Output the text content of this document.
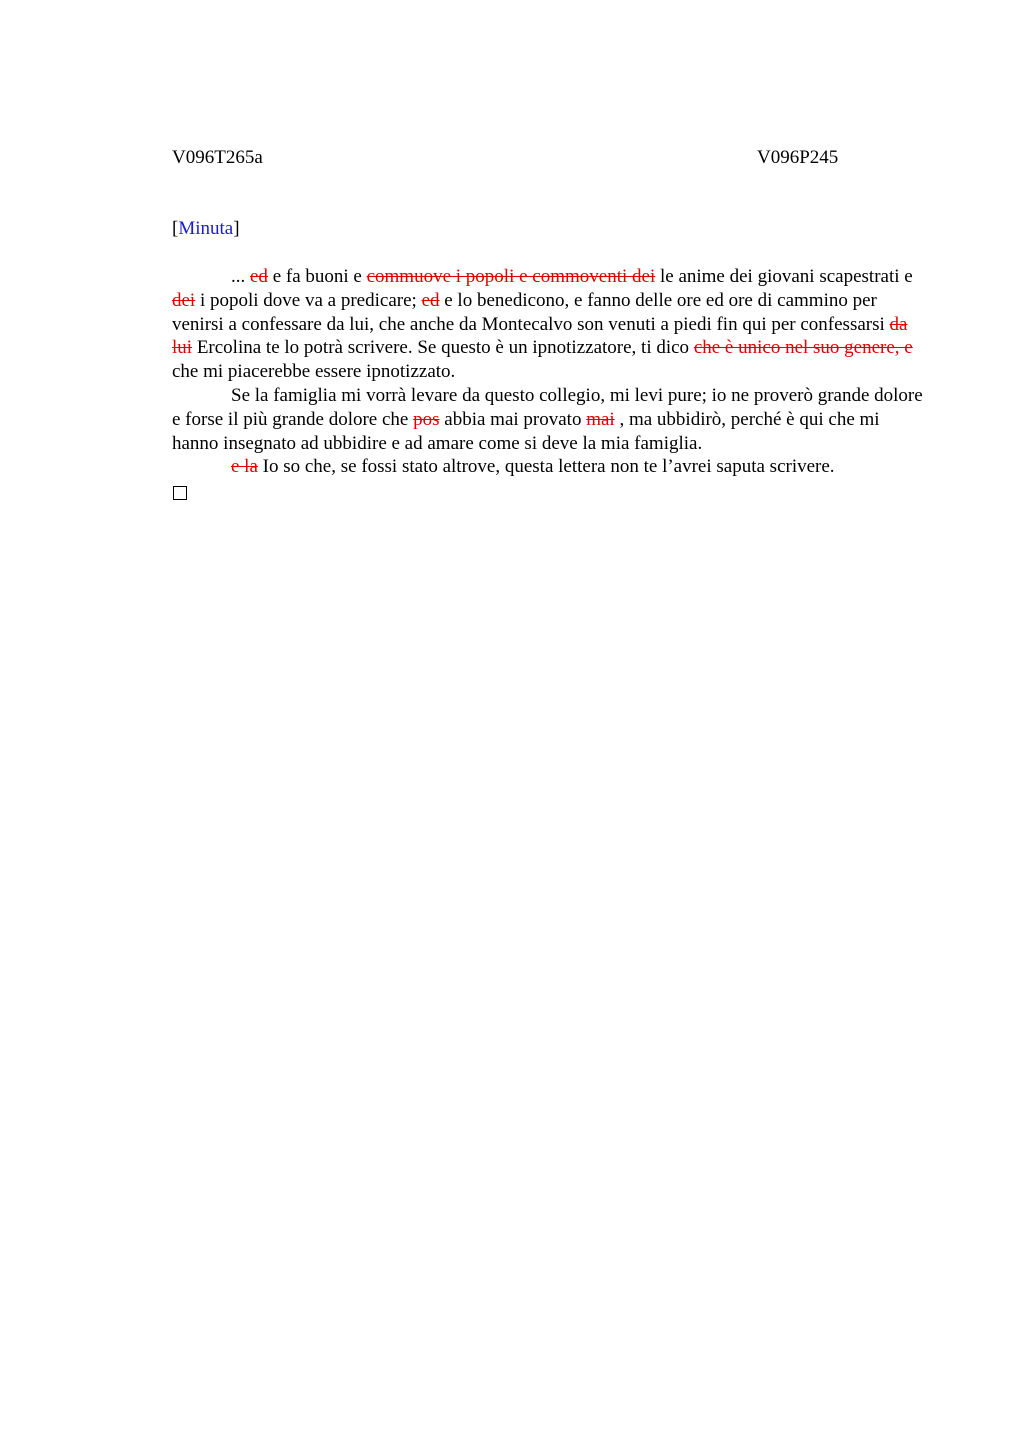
V096T265a	V096P245
[Minuta]

... ed e fa buoni e commuove i popoli e commoventi dei le anime dei giovani scapestrati e dei i popoli dove va a predicare; ed e lo benedicono, e fanno delle ore ed ore di cammino per venirsi a confessare da lui, che anche da Montecalvo son venuti a piedi fin qui per confessarsi da lui Ercolina te lo potrà scrivere. Se questo è un ipnotizzatore, ti dico che è unico nel suo genere, e che mi piacerebbe essere ipnotizzato.

Se la famiglia mi vorrà levare da questo collegio, mi levi pure; io ne proverò grande dolore e forse il più grande dolore che pos abbia mai provato mai , ma ubbidirò, perché è qui che mi hanno insegnato ad ubbidire e ad amare come si deve la mia famiglia.

e la Io so che, se fossi stato altrove, questa lettera non te l’avrei saputa scrivere.
